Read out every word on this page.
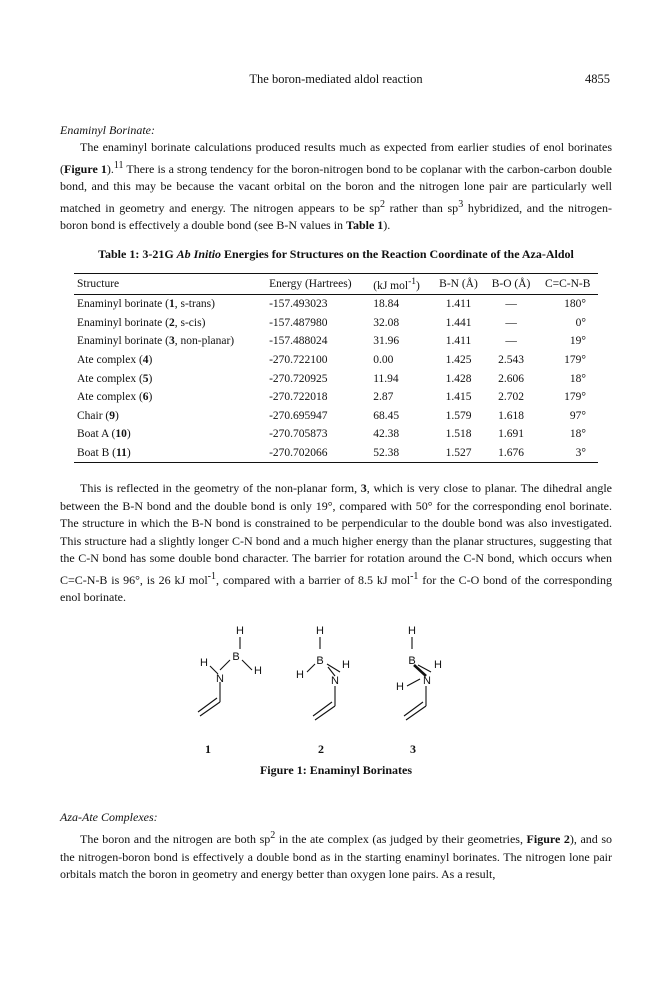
The boron-mediated aldol reaction	4855
Enaminyl Borinate:

The enaminyl borinate calculations produced results much as expected from earlier studies of enol borinates (Figure 1).$^{11}$ There is a strong tendency for the boron-nitrogen bond to be coplanar with the carbon-carbon double bond, and this may be because the vacant orbital on the boron and the nitrogen lone pair are particularly well matched in geometry and energy. The nitrogen appears to be $sp^2$ rather than $sp^3$ hybridized, and the nitrogen-boron bond is effectively a double bond (see B-N values in Table 1).

Table 1: 3-21G Ab Initio Energies for Structures on the Reaction Coordinate of the Aza-Aldol
Structure	Energy (Hartrees)	(kJ mol$^{-1}$)	B-N (Å)	B-O (Å)	C=C-N-B
Enaminyl borinate (1, s-trans)	-157.493023	18.84	1.411	—	180°
Enaminyl borinate (2, s-cis)	-157.487980	32.08	1.441	—	0°
Enaminyl borinate (3, non-planar)	-157.488024	31.96	1.411	—	19°
Ate complex (4)	-270.722100	0.00	1.425	2.543	179°
Ate complex (5)	-270.720925	11.94	1.428	2.606	18°
Ate complex (6)	-270.722018	2.87	1.415	2.702	179°
Chair (9)	-270.695947	68.45	1.579	1.618	97°
Boat A (10)	-270.705873	42.38	1.518	1.691	18°
Boat B (11)	-270.702066	52.38	1.527	1.676	3°

This is reflected in the geometry of the non-planar form, 3, which is very close to planar. The dihedral angle between the B-N bond and the double bond is only 19°, compared with 50° for the corresponding enol borinate. The structure in which the B-N bond is constrained to be perpendicular to the double bond was also investigated. This structure had a slightly longer C-N bond and a much higher energy than the planar structures, suggesting that the C-N bond has some double bond character. The barrier for rotation around the C-N bond, which occurs when C=C-N-B is 96°, is 26 kJ mol$^{-1}$, compared with a barrier of 8.5 kJ mol$^{-1}$ for the C-O bond of the corresponding enol borinate.

H
B
H
N
H
H
B
H
H
N
H
B
H
H
N
1	2	3
Figure 1: Enaminyl Borinates
Aza-Ate Complexes:

The boron and the nitrogen are both $sp^2$ in the ate complex (as judged by their geometries, Figure 2), and so the nitrogen-boron bond is effectively a double bond as in the starting enaminyl borinates. The nitrogen lone pair orbitals match the boron in geometry and energy better than oxygen lone pairs. As a result,
